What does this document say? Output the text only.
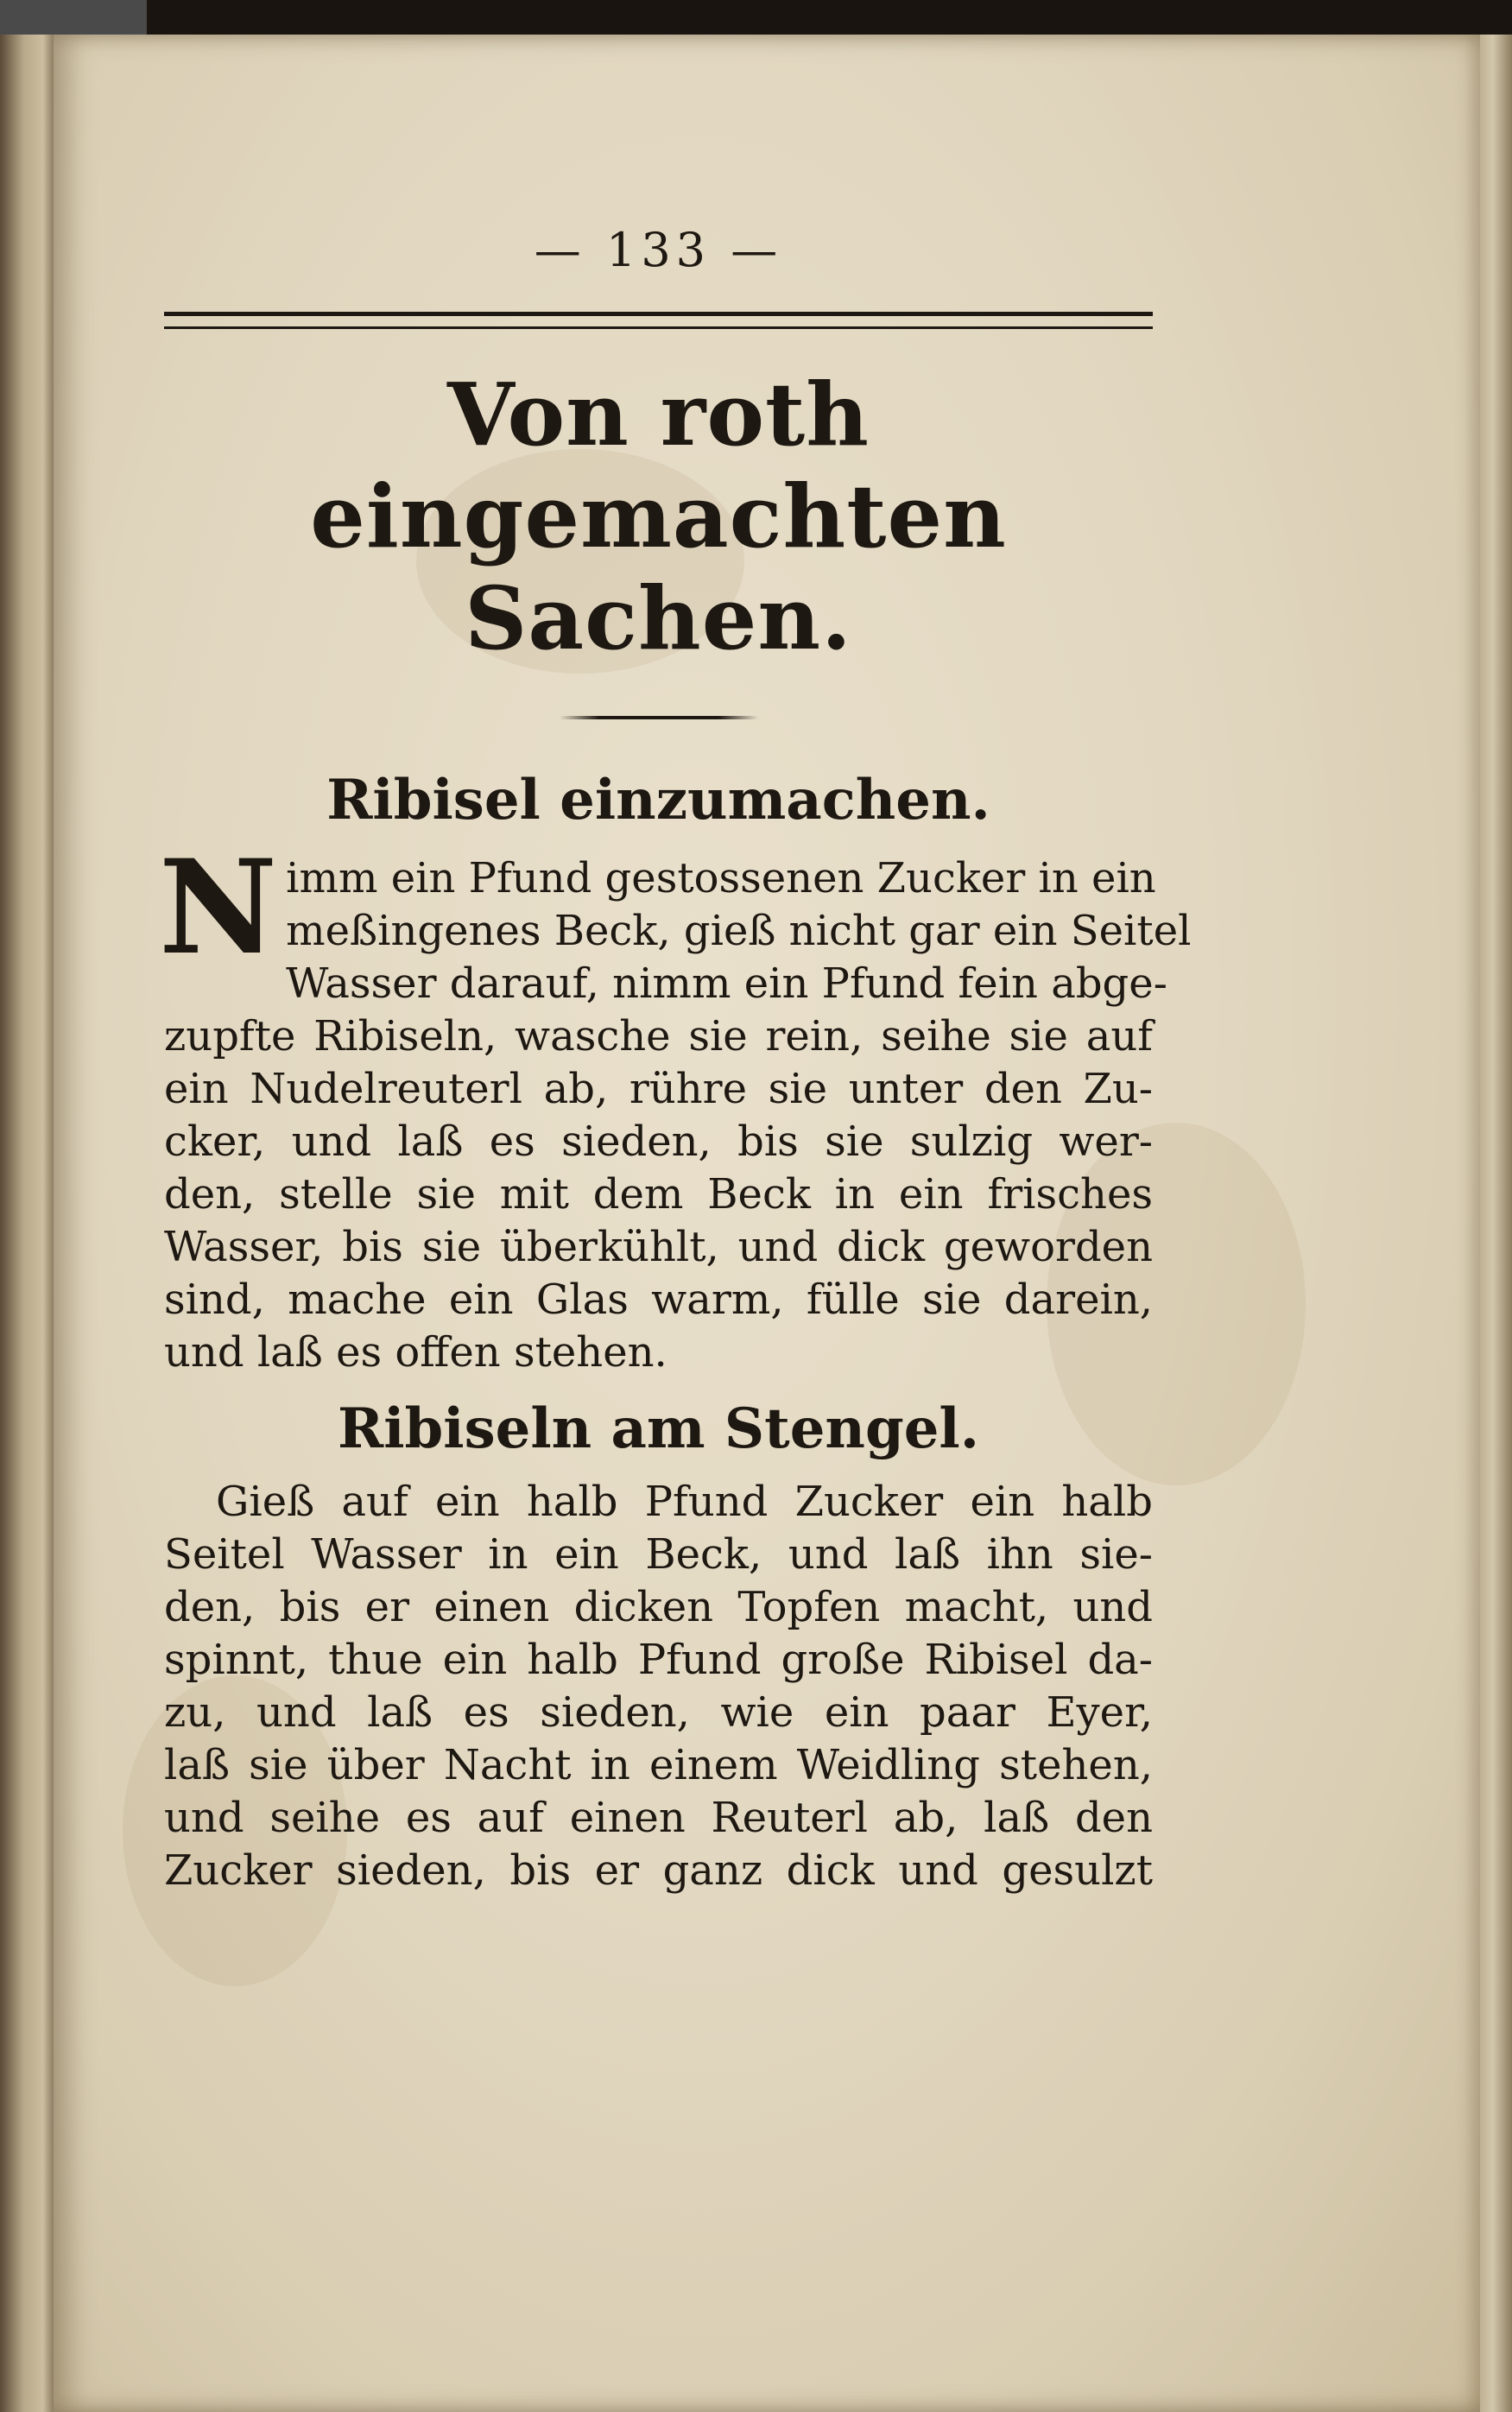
— 133 —
Von roth eingemachten
Sachen.
Ribisel einzumachen.
N imm ein Pfund gestossenen Zucker in ein
meßingenes Beck, gieß nicht gar ein Seitel
Wasser darauf, nimm ein Pfund fein abge-
zupfte Ribiseln, wasche sie rein, seihe sie auf
ein Nudelreuterl ab, rühre sie unter den Zu-
cker, und laß es sieden, bis sie sulzig wer-
den, stelle sie mit dem Beck in ein frisches
Wasser, bis sie überkühlt, und dick geworden
sind, mache ein Glas warm, fülle sie darein,
und laß es offen stehen.
Ribiseln am Stengel.
Gieß auf ein halb Pfund Zucker ein halb
Seitel Wasser in ein Beck, und laß ihn sie-
den, bis er einen dicken Topfen macht, und
spinnt, thue ein halb Pfund große Ribisel da-
zu, und laß es sieden, wie ein paar Eyer,
laß sie über Nacht in einem Weidling stehen,
und seihe es auf einen Reuterl ab, laß den
Zucker sieden, bis er ganz dick und gesulzt
